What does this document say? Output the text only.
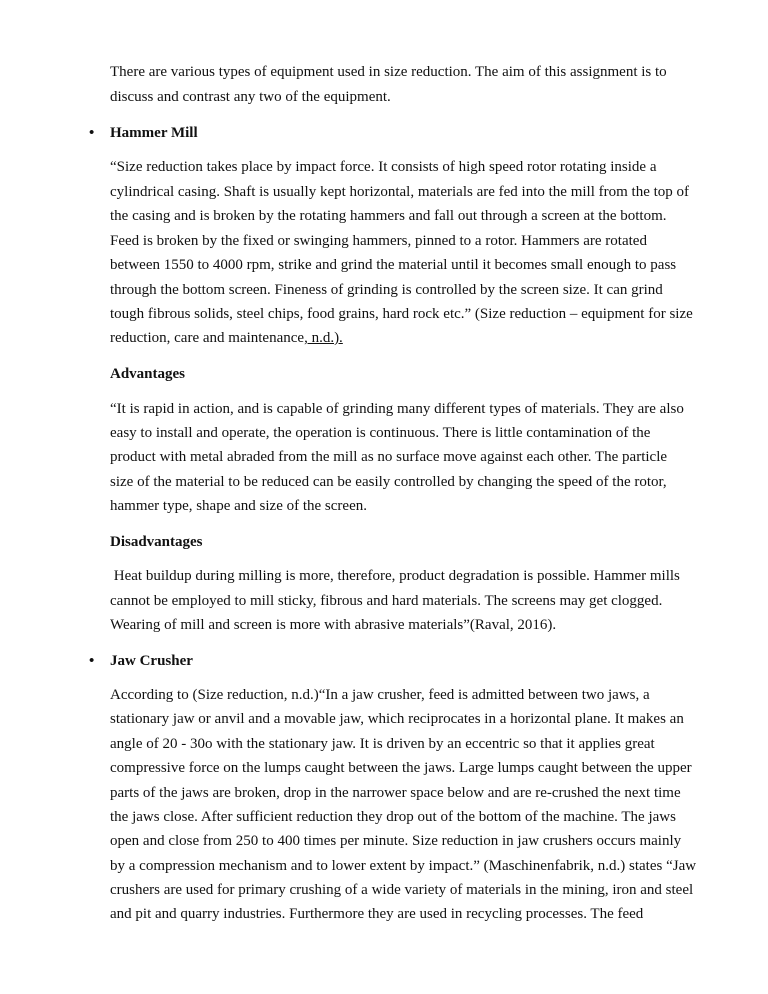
There are various types of equipment used in size reduction. The aim of this assignment is to
discuss and contrast any two of the equipment.
• Hammer Mill
“Size reduction takes place by impact force. It consists of high speed rotor rotating inside a
cylindrical casing. Shaft is usually kept horizontal, materials are fed into the mill from the top of
the casing and is broken by the rotating hammers and fall out through a screen at the bottom.
Feed is broken by the fixed or swinging hammers, pinned to a rotor. Hammers are rotated
between 1550 to 4000 rpm, strike and grind the material until it becomes small enough to pass
through the bottom screen. Fineness of grinding is controlled by the screen size. It can grind
tough fibrous solids, steel chips, food grains, hard rock etc.” (Size reduction – equipment for size
reduction, care and maintenance, n.d.).
Advantages
“It is rapid in action, and is capable of grinding many different types of materials. They are also
easy to install and operate, the operation is continuous. There is little contamination of the
product with metal abraded from the mill as no surface move against each other. The particle
size of the material to be reduced can be easily controlled by changing the speed of the rotor,
hammer type, shape and size of the screen.
Disadvantages
Heat buildup during milling is more, therefore, product degradation is possible. Hammer mills
cannot be employed to mill sticky, fibrous and hard materials. The screens may get clogged.
Wearing of mill and screen is more with abrasive materials”(Raval, 2016).
• Jaw Crusher
According to (Size reduction, n.d.)“In a jaw crusher, feed is admitted between two jaws, a
stationary jaw or anvil and a movable jaw, which reciprocates in a horizontal plane. It makes an
angle of 20 - 30o with the stationary jaw. It is driven by an eccentric so that it applies great
compressive force on the lumps caught between the jaws. Large lumps caught between the upper
parts of the jaws are broken, drop in the narrower space below and are re-crushed the next time
the jaws close. After sufficient reduction they drop out of the bottom of the machine. The jaws
open and close from 250 to 400 times per minute. Size reduction in jaw crushers occurs mainly
by a compression mechanism and to lower extent by impact.” (Maschinenfabrik, n.d.) states “Jaw
crushers are used for primary crushing of a wide variety of materials in the mining, iron and steel
and pit and quarry industries. Furthermore they are used in recycling processes. The feed
